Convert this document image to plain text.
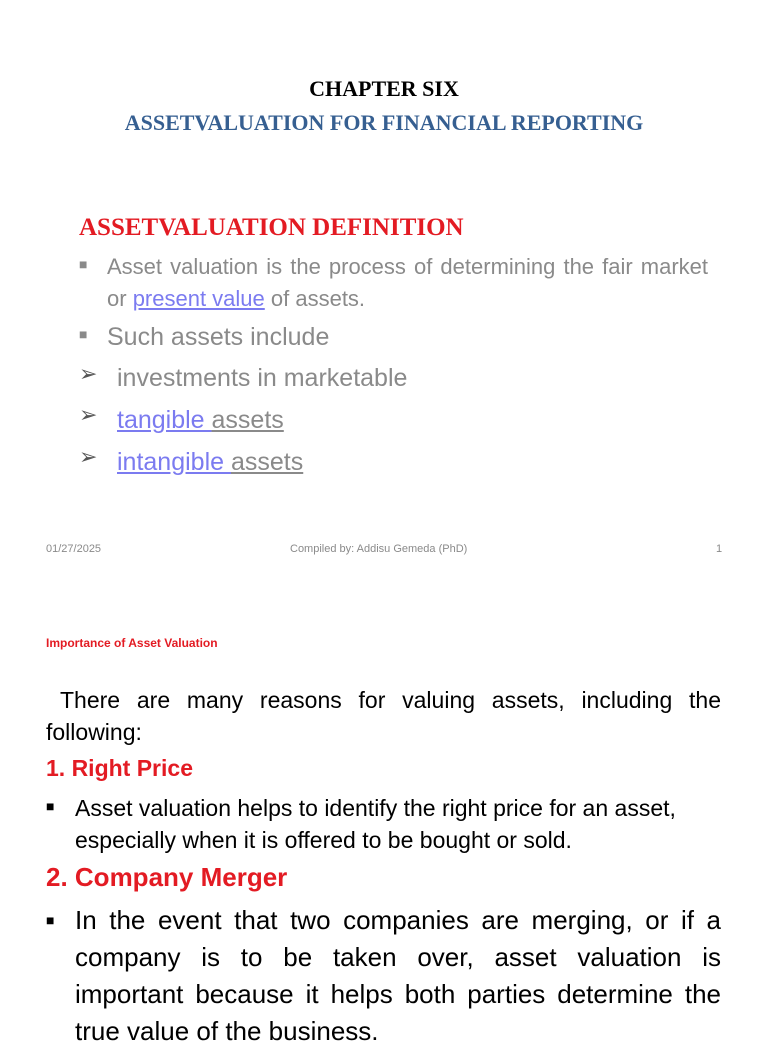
CHAPTER SIX
ASSETVALUATION FOR FINANCIAL REPORTING
ASSETVALUATION DEFINITION
■ Asset valuation is the process of determining the fair market or present value of assets.

■ Such assets include
➢ investments in marketable
➢ tangible assets
➢ intangible assets
01/27/2025	Compiled by: Addisu Gemeda (PhD)	1
Importance of Asset Valuation

There are many reasons for valuing assets, including the following:

1. Right Price
■ Asset valuation helps to identify the right price for an asset, especially when it is offered to be bought or sold.

2. Company Merger
■ In the event that two companies are merging, or if a company is to be taken over, asset valuation is important because it helps both parties determine the true value of the business.
